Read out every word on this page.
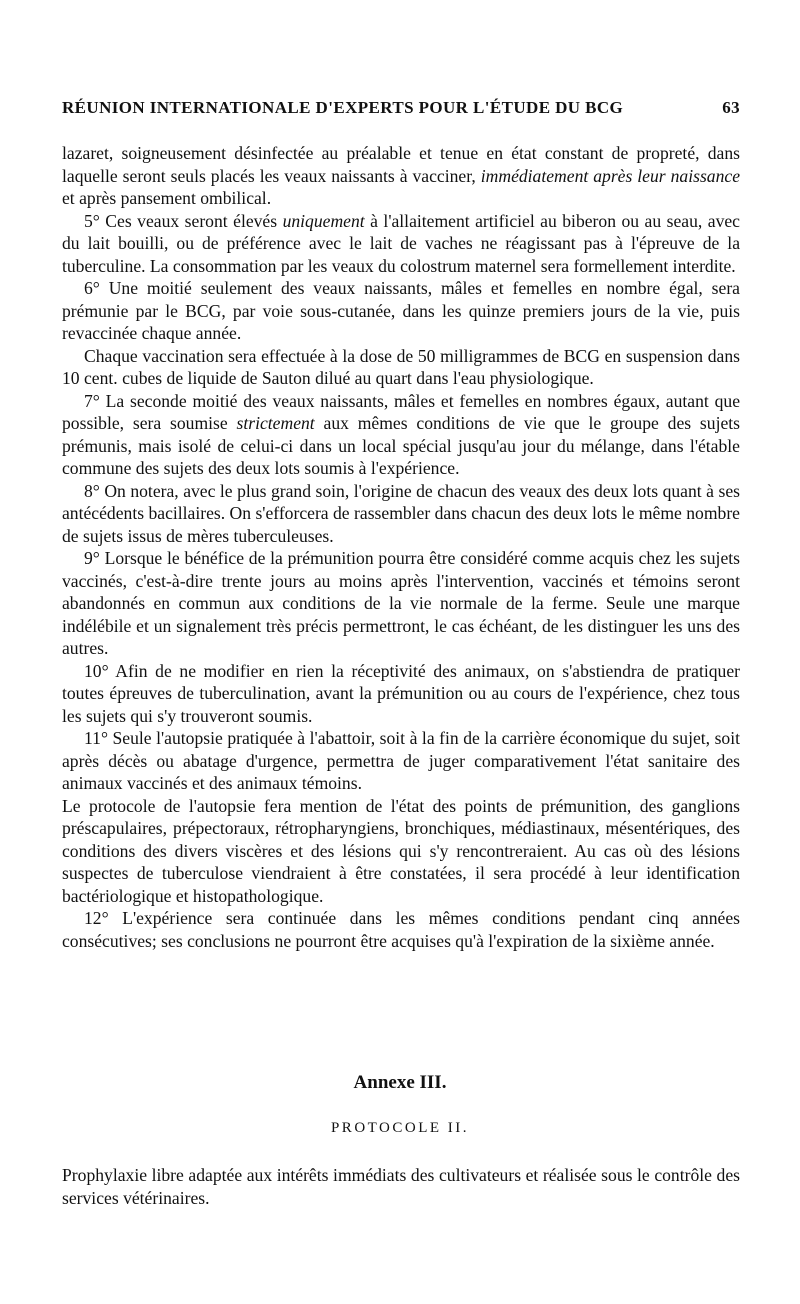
RÉUNION INTERNATIONALE D'EXPERTS POUR L'ÉTUDE DU BCG	63

lazaret, soigneusement désinfectée au préalable et tenue en état constant de propreté, dans laquelle seront seuls placés les veaux naissants à vacciner, immédiatement après leur naissance et après pansement ombilical.

5° Ces veaux seront élevés uniquement à l'allaitement artificiel au biberon ou au seau, avec du lait bouilli, ou de préférence avec le lait de vaches ne réagissant pas à l'épreuve de la tuberculine. La consommation par les veaux du colostrum maternel sera formellement interdite.

6° Une moitié seulement des veaux naissants, mâles et femelles en nombre égal, sera prémunie par le BCG, par voie sous-cutanée, dans les quinze premiers jours de la vie, puis revaccinée chaque année.

Chaque vaccination sera effectuée à la dose de 50 milligrammes de BCG en suspension dans 10 cent. cubes de liquide de Sauton dilué au quart dans l'eau physiologique.

7° La seconde moitié des veaux naissants, mâles et femelles en nombres égaux, autant que possible, sera soumise strictement aux mêmes conditions de vie que le groupe des sujets prémunis, mais isolé de celui-ci dans un local spécial jusqu'au jour du mélange, dans l'étable commune des sujets des deux lots soumis à l'expérience.

8° On notera, avec le plus grand soin, l'origine de chacun des veaux des deux lots quant à ses antécédents bacillaires. On s'efforcera de rassembler dans chacun des deux lots le même nombre de sujets issus de mères tuberculeuses.

9° Lorsque le bénéfice de la prémunition pourra être considéré comme acquis chez les sujets vaccinés, c'est-à-dire trente jours au moins après l'intervention, vaccinés et témoins seront abandonnés en commun aux conditions de la vie normale de la ferme. Seule une marque indélébile et un signalement très précis permettront, le cas échéant, de les distinguer les uns des autres.

10° Afin de ne modifier en rien la réceptivité des animaux, on s'abstiendra de pratiquer toutes épreuves de tuberculination, avant la prémunition ou au cours de l'expérience, chez tous les sujets qui s'y trouveront soumis.

11° Seule l'autopsie pratiquée à l'abattoir, soit à la fin de la carrière économique du sujet, soit après décès ou abatage d'urgence, permettra de juger comparativement l'état sanitaire des animaux vaccinés et des animaux témoins.

Le protocole de l'autopsie fera mention de l'état des points de prémunition, des ganglions préscapulaires, prépectoraux, rétropharyngiens, bronchiques, médiastinaux, mésentériques, des conditions des divers viscères et des lésions qui s'y rencontreraient. Au cas où des lésions suspectes de tuberculose viendraient à être constatées, il sera procédé à leur identification bactériologique et histopathologique.

12° L'expérience sera continuée dans les mêmes conditions pendant cinq années consécutives; ses conclusions ne pourront être acquises qu'à l'expiration de la sixième année.

Annexe III.
PROTOCOLE II.
Prophylaxie libre adaptée aux intérêts immédiats des cultivateurs et réalisée sous le contrôle des services vétérinaires.
